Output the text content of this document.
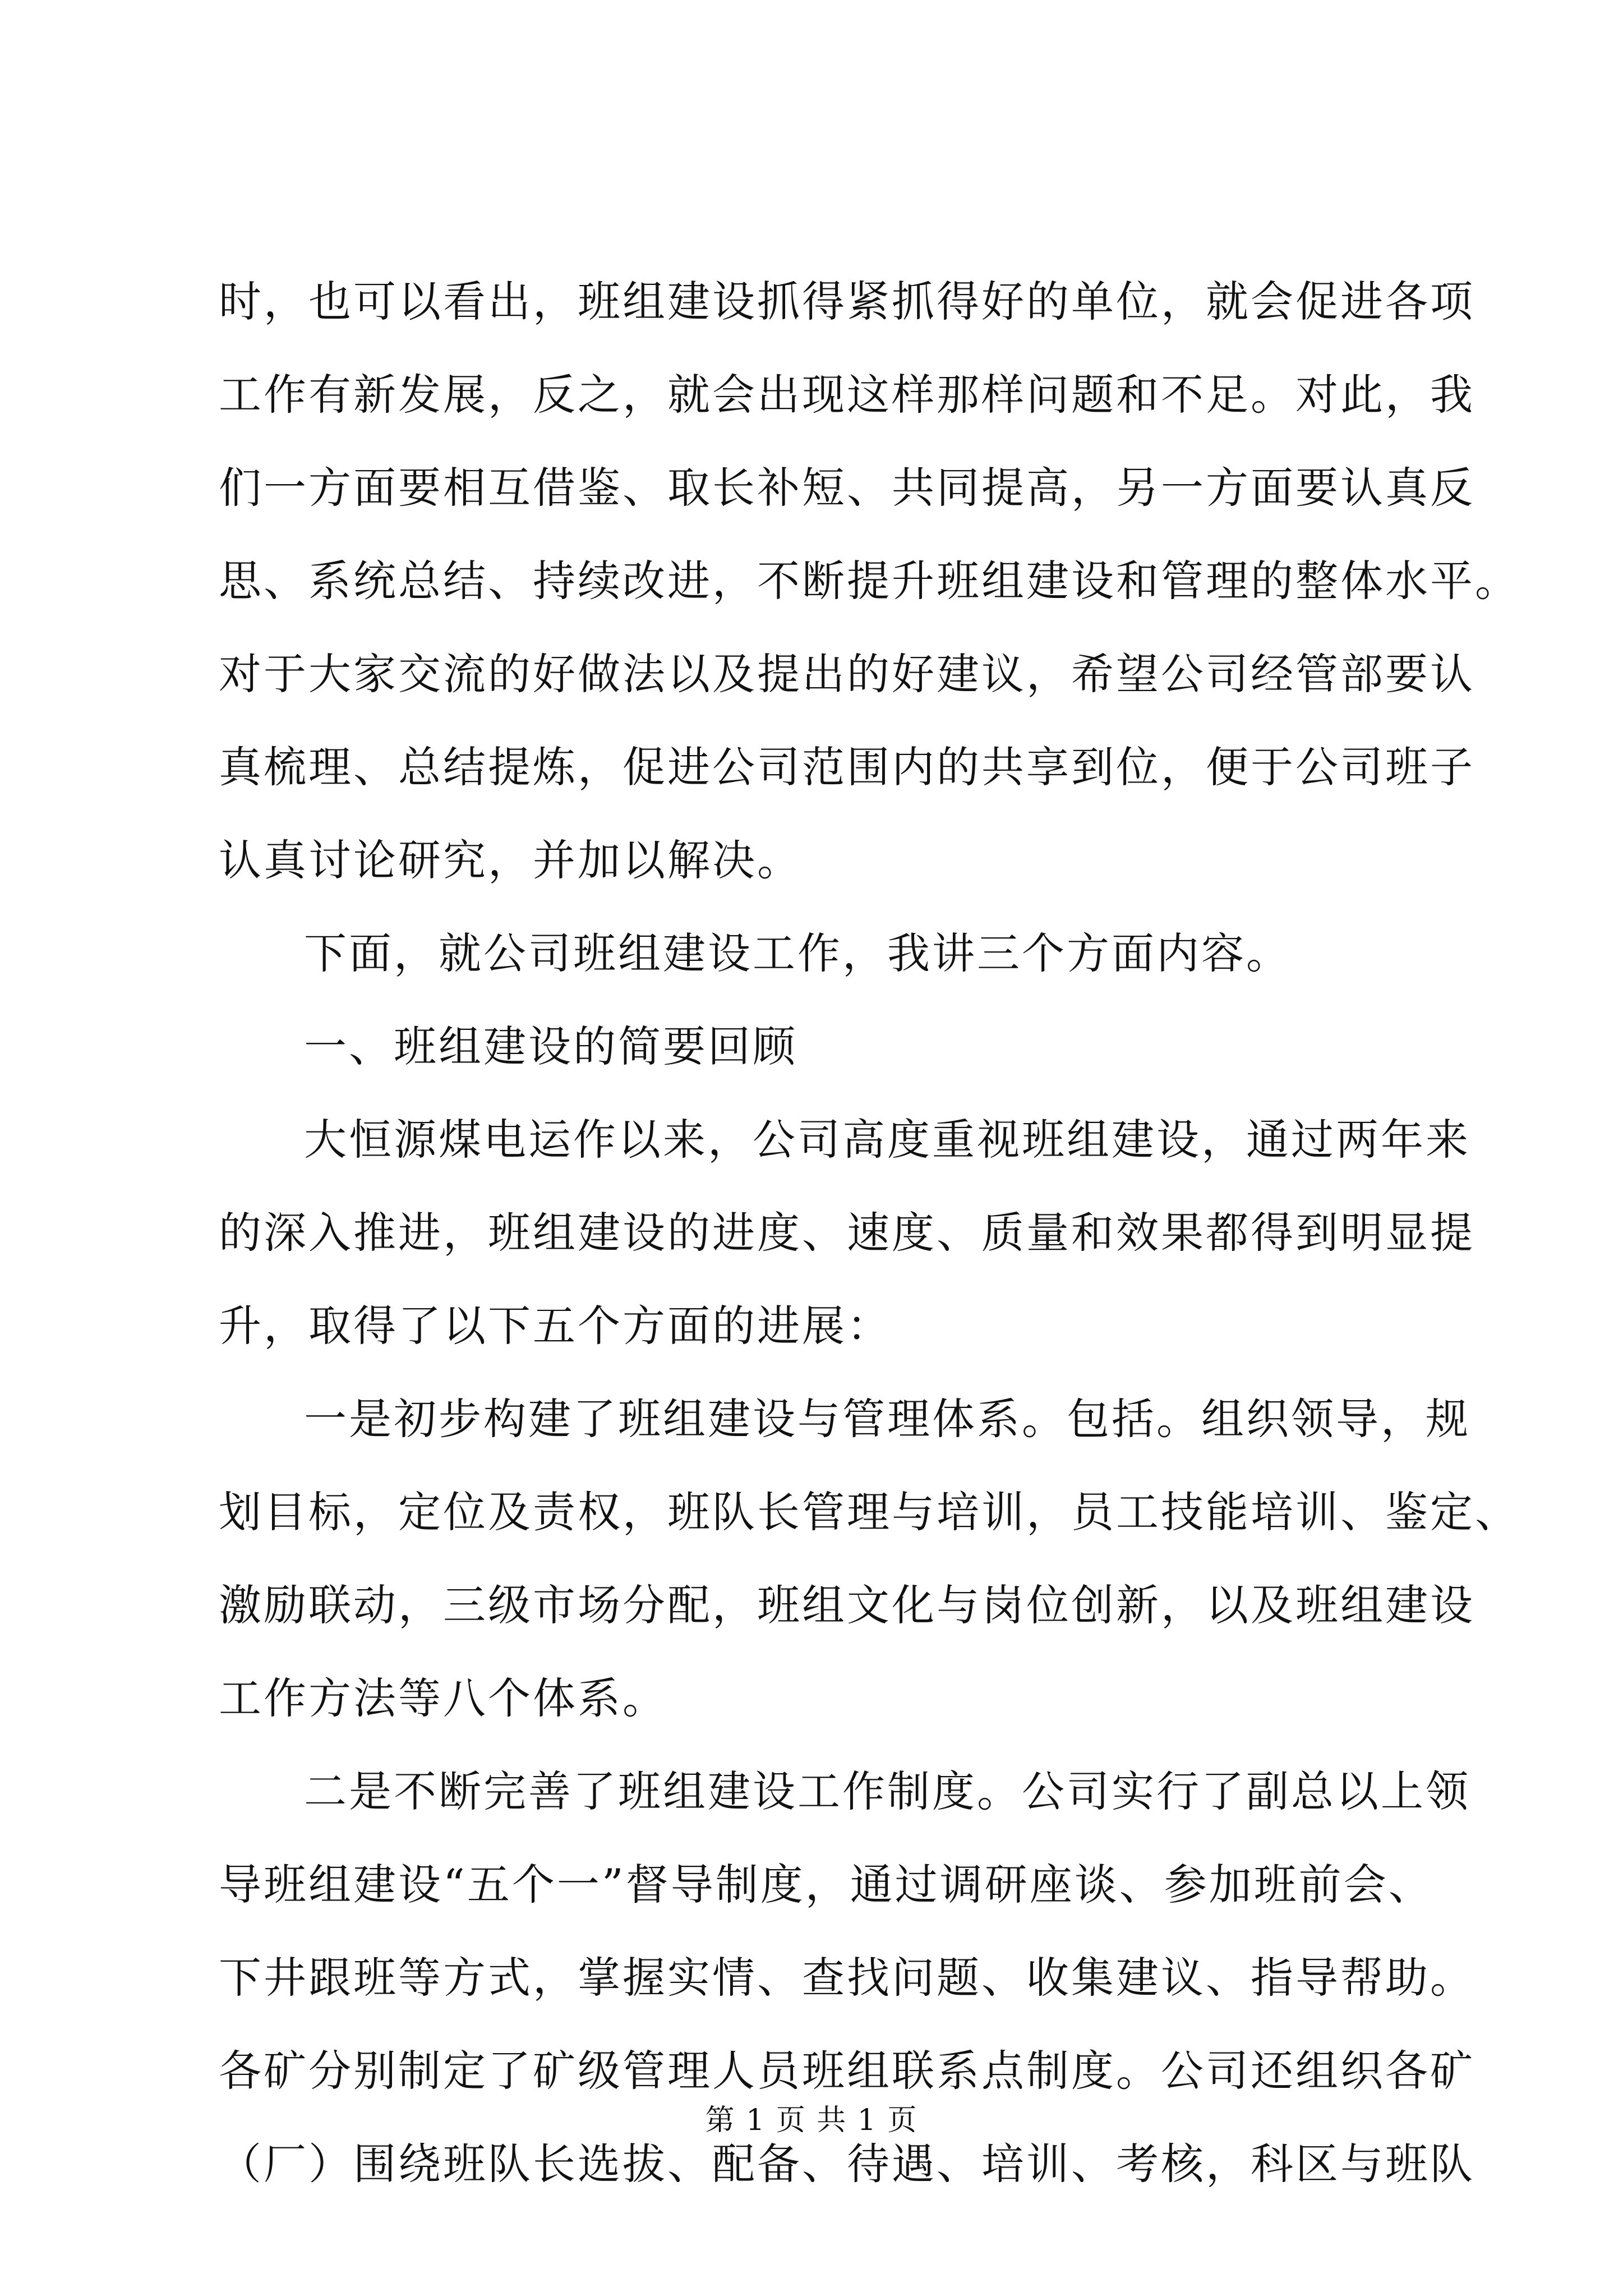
时，也可以看出，班组建设抓得紧抓得好的单位，就会促进各项
工作有新发展，反之，就会出现这样那样问题和不足。对此，我
们一方面要相互借鉴、取长补短、共同提高，另一方面要认真反
思、系统总结、持续改进，不断提升班组建设和管理的整体水平。
对于大家交流的好做法以及提出的好建议，希望公司经管部要认
真梳理、总结提炼，促进公司范围内的共享到位，便于公司班子
认真讨论研究，并加以解决。
下面，就公司班组建设工作，我讲三个方面内容。
一、班组建设的简要回顾
大恒源煤电运作以来，公司高度重视班组建设，通过两年来
的深入推进，班组建设的进度、速度、质量和效果都得到明显提
升，取得了以下五个方面的进展：
一是初步构建了班组建设与管理体系。包括。组织领导，规
划目标，定位及责权，班队长管理与培训，员工技能培训、鉴定、
激励联动，三级市场分配，班组文化与岗位创新，以及班组建设
工作方法等八个体系。
二是不断完善了班组建设工作制度。公司实行了副总以上领
导班组建设“五个一”督导制度，通过调研座谈、参加班前会、
下井跟班等方式，掌握实情、查找问题、收集建议、指导帮助。
各矿分别制定了矿级管理人员班组联系点制度。公司还组织各矿
（厂）围绕班队长选拔、配备、待遇、培训、考核，科区与班队
第 1 页 共 1 页
